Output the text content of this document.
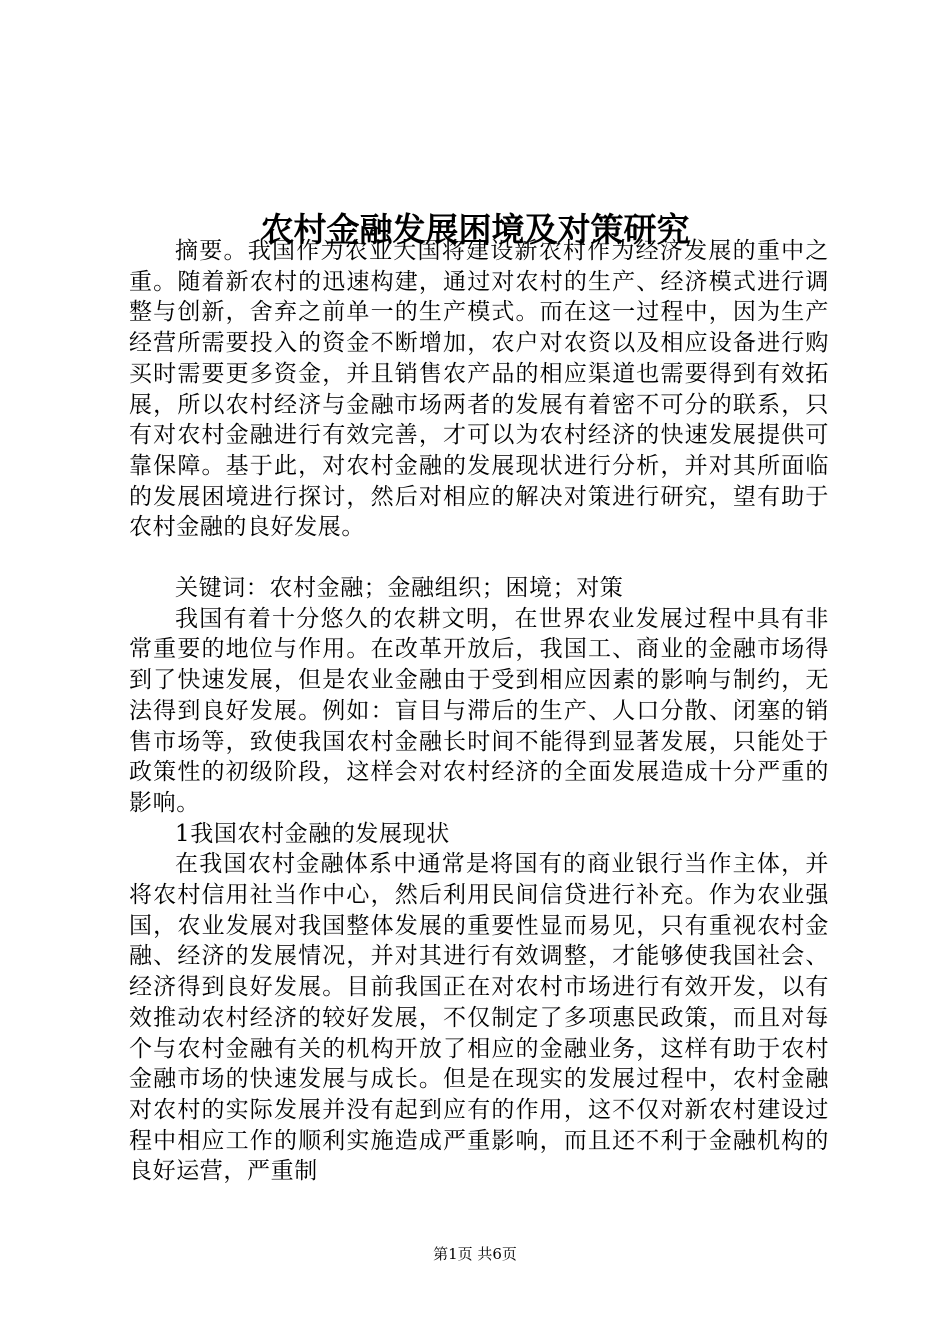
农村金融发展困境及对策研究

摘要。我国作为农业大国将建设新农村作为经济发展的重中之重。随着新农村的迅速构建，通过对农村的生产、经济模式进行调整与创新，舍弃之前单一的生产模式。而在这一过程中，因为生产经营所需要投入的资金不断增加，农户对农资以及相应设备进行购买时需要更多资金，并且销售农产品的相应渠道也需要得到有效拓展，所以农村经济与金融市场两者的发展有着密不可分的联系，只有对农村金融进行有效完善，才可以为农村经济的快速发展提供可靠保障。基于此，对农村金融的发展现状进行分析，并对其所面临的发展困境进行探讨，然后对相应的解决对策进行研究，望有助于农村金融的良好发展。

关键词：农村金融；金融组织；困境；对策

我国有着十分悠久的农耕文明，在世界农业发展过程中具有非常重要的地位与作用。在改革开放后，我国工、商业的金融市场得到了快速发展，但是农业金融由于受到相应因素的影响与制约，无法得到良好发展。例如：盲目与滞后的生产、人口分散、闭塞的销售市场等，致使我国农村金融长时间不能得到显著发展，只能处于政策性的初级阶段，这样会对农村经济的全面发展造成十分严重的影响。

1我国农村金融的发展现状

在我国农村金融体系中通常是将国有的商业银行当作主体，并将农村信用社当作中心，然后利用民间信贷进行补充。作为农业强国，农业发展对我国整体发展的重要性显而易见，只有重视农村金融、经济的发展情况，并对其进行有效调整，才能够使我国社会、经济得到良好发展。目前我国正在对农村市场进行有效开发，以有效推动农村经济的较好发展，不仅制定了多项惠民政策，而且对每个与农村金融有关的机构开放了相应的金融业务，这样有助于农村金融市场的快速发展与成长。但是在现实的发展过程中，农村金融对农村的实际发展并没有起到应有的作用，这不仅对新农村建设过程中相应工作的顺利实施造成严重影响，而且还不利于金融机构的良好运营，严重制

第1页 共6页
